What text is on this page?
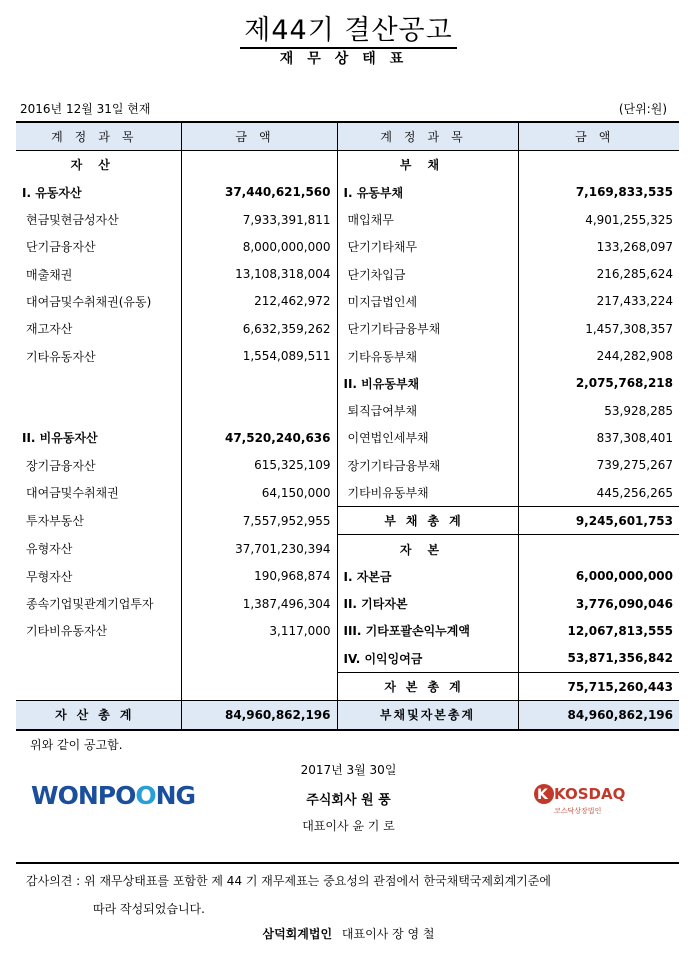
제44기 결산공고
재무상태표
2016년 12월 31일 현재	(단위:원)
계정과목	금액	계정과목	금액
자산		부채	
I. 유동자산	37,440,621,560	I. 유동부채	7,169,833,535
현금및현금성자산	7,933,391,811	매입채무	4,901,255,325
단기금융자산	8,000,000,000	단기기타채무	133,268,097
매출채권	13,108,318,004	단기차입금	216,285,624
대여금및수취채권(유동)	212,462,972	미지급법인세	217,433,224
재고자산	6,632,359,262	단기기타금융부채	1,457,308,357
기타유동자산	1,554,089,511	기타유동부채	244,282,908
		II. 비유동부채	2,075,768,218
		퇴직급여부채	53,928,285
II. 비유동자산	47,520,240,636	이연법인세부채	837,308,401
장기금융자산	615,325,109	장기기타금융부채	739,275,267
대여금및수취채권	64,150,000	기타비유동부채	445,256,265
투자부동산	7,557,952,955	부채총계	9,245,601,753
유형자산	37,701,230,394	자본	
무형자산	190,968,874	I. 자본금	6,000,000,000
종속기업및관계기업투자	1,387,496,304	II. 기타자본	3,776,090,046
기타비유동자산	3,117,000	III. 기타포괄손익누계액	12,067,813,555
		IV. 이익잉여금	53,871,356,842
		자본총계	75,715,260,443
자산총계	84,960,862,196	부채및자본총계	84,960,862,196
위와 같이 공고함.
2017년 3월 30일
WONPOONG	주식회사 원 풍
대표이사 윤 기 로
K KOSDAQ
코스닥상장법인
감사의견 : 위 재무상태표를 포함한 제 44 기 재무제표는 중요성의 관점에서 한국채택국제회계기준에
따라 작성되었습니다.
삼덕회계법인 대표이사 장 영 철
